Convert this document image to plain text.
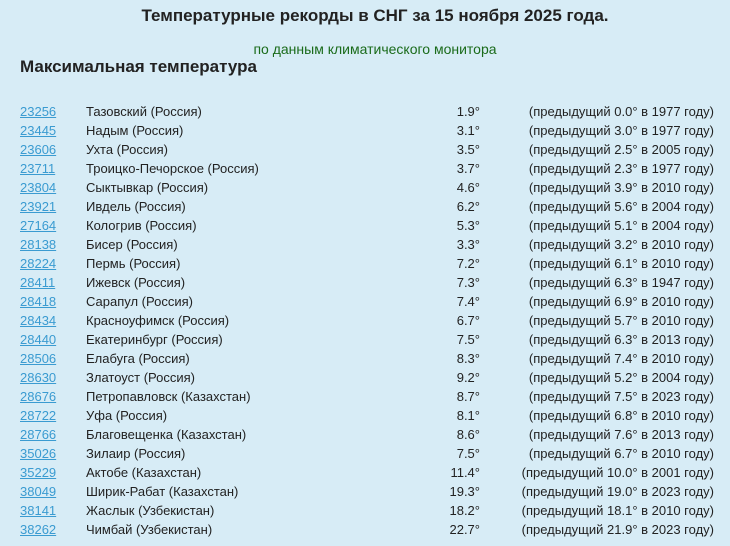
Температурные рекорды в СНГ за 15 ноября 2025 года.
по данным климатического монитора
Максимальная температура
23256 Тазовский (Россия)	1.9°	(предыдущий 0.0° в 1977 году)
23445 Надым (Россия)	3.1°	(предыдущий 3.0° в 1977 году)
23606 Ухта (Россия)	3.5°	(предыдущий 2.5° в 2005 году)
23711 Троицко-Печорское (Россия)	3.7°	(предыдущий 2.3° в 1977 году)
23804 Сыктывкар (Россия)	4.6°	(предыдущий 3.9° в 2010 году)
23921 Ивдель (Россия)	6.2°	(предыдущий 5.6° в 2004 году)
27164 Кологрив (Россия)	5.3°	(предыдущий 5.1° в 2004 году)
28138 Бисер (Россия)	3.3°	(предыдущий 3.2° в 2010 году)
28224 Пермь (Россия)	7.2°	(предыдущий 6.1° в 2010 году)
28411 Ижевск (Россия)	7.3°	(предыдущий 6.3° в 1947 году)
28418 Сарапул (Россия)	7.4°	(предыдущий 6.9° в 2010 году)
28434 Красноуфимск (Россия)	6.7°	(предыдущий 5.7° в 2010 году)
28440 Екатеринбург (Россия)	7.5°	(предыдущий 6.3° в 2013 году)
28506 Елабуга (Россия)	8.3°	(предыдущий 7.4° в 2010 году)
28630 Златоуст (Россия)	9.2°	(предыдущий 5.2° в 2004 году)
28676 Петропавловск (Казахстан)	8.7°	(предыдущий 7.5° в 2023 году)
28722 Уфа (Россия)	8.1°	(предыдущий 6.8° в 2010 году)
28766 Благовещенка (Казахстан)	8.6°	(предыдущий 7.6° в 2013 году)
35026 Зилаир (Россия)	7.5°	(предыдущий 6.7° в 2010 году)
35229 Актобе (Казахстан)	11.4°	(предыдущий 10.0° в 2001 году)
38049 Ширик-Рабат (Казахстан)	19.3°	(предыдущий 19.0° в 2023 году)
38141 Жаслык (Узбекистан)	18.2°	(предыдущий 18.1° в 2010 году)
38262 Чимбай (Узбекистан)	22.7°	(предыдущий 21.9° в 2023 году)
